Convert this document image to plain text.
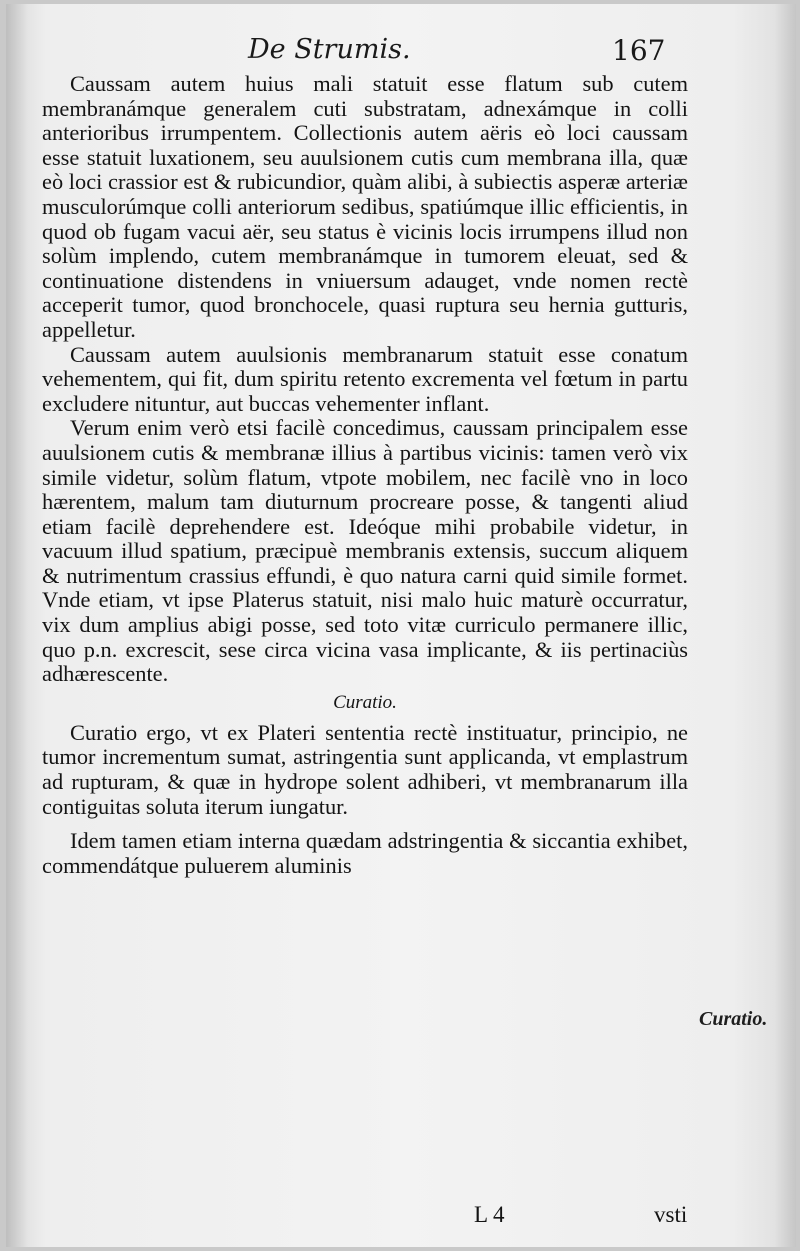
De Strumis.	167

Caussam autem huius mali statuit esse flatum sub cutem membranámque generalem cuti substratam, adnexámque in colli anterioribus irrumpentem. Collectionis autem aëris eò loci caussam esse statuit luxationem, seu auulsionem cutis cum membrana illa, quæ eò loci crassior est & rubicundior, quàm alibi, à subiectis asperæ arteriæ musculorúmque colli anteriorum sedibus, spatiúmque illic efficientis, in quod ob fugam vacui aër, seu status è vicinis locis irrumpens illud non solùm implendo, cutem membranámque in tumorem eleuat, sed & continuatione distendens in vniuersum adauget, vnde nomen rectè acceperit tumor, quod bronchocele, quasi ruptura seu hernia gutturis, appelletur.

Caussam autem auulsionis membranarum statuit esse conatum vehementem, qui fit, dum spiritu retento excrementa vel fœtum in partu excludere nituntur, aut buccas vehementer inflant.

Verum enim verò etsi facilè concedimus, caussam principalem esse auulsionem cutis & membranæ illius à partibus vicinis: tamen verò vix simile videtur, solùm flatum, vtpote mobilem, nec facilè vno in loco hærentem, malum tam diuturnum procreare posse, & tangenti aliud etiam facilè deprehendere est. Ideóque mihi probabile videtur, in vacuum illud spatium, præcipuè membranis extensis, succum aliquem & nutrimentum crassius effundi, è quo natura carni quid simile formet. Vnde etiam, vt ipse Platerus statuit, nisi malo huic maturè occurratur, vix dum amplius abigi posse, sed toto vitæ curriculo permanere illic, quo p.n. excrescit, sese circa vicina vasa implicante, & iis pertinaciùs adhærescente.

Curatio.

Curatio ergo, vt ex Plateri sententia rectè instituatur, principio, ne tumor incrementum sumat, astringentia sunt applicanda, vt emplastrum ad rupturam, & quæ in hydrope solent adhiberi, vt membranarum illa contiguitas soluta iterum iungatur.

Idem tamen etiam interna quædam adstringentia & siccantia exhibet, commendátque puluerem aluminis

Curatio.
L 4	vsti
